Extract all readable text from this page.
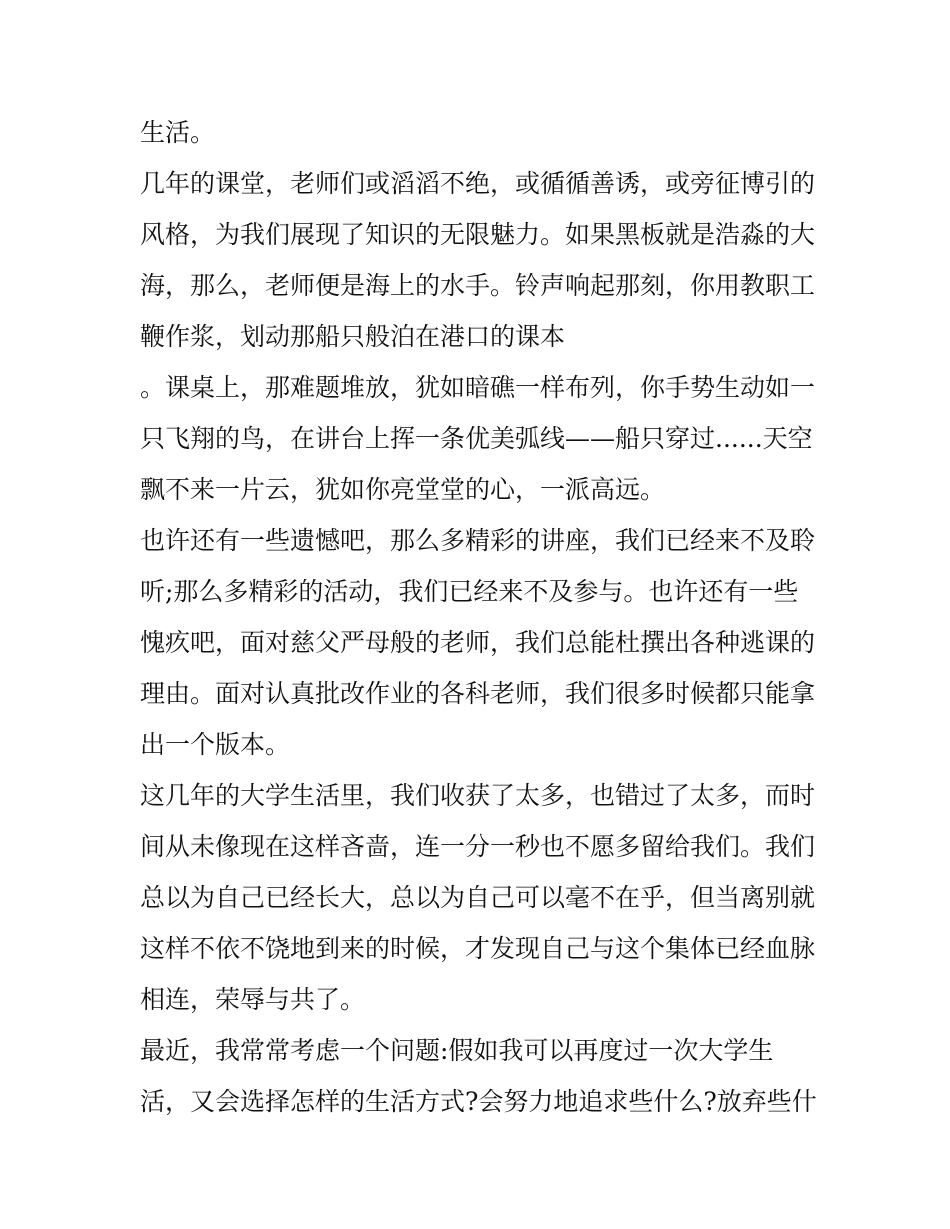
生活。
几年的课堂，老师们或滔滔不绝，或循循善诱，或旁征博引的
风格，为我们展现了知识的无限魅力。如果黑板就是浩淼的大
海，那么，老师便是海上的水手。铃声响起那刻，你用教职工
鞭作浆，划动那船只般泊在港口的课本
。课桌上，那难题堆放，犹如暗礁一样布列，你手势生动如一
只飞翔的鸟，在讲台上挥一条优美弧线——船只穿过......天空
飘不来一片云，犹如你亮堂堂的心，一派高远。
也许还有一些遗憾吧，那么多精彩的讲座，我们已经来不及聆
听;那么多精彩的活动，我们已经来不及参与。也许还有一些
愧疚吧，面对慈父严母般的老师，我们总能杜撰出各种逃课的
理由。面对认真批改作业的各科老师，我们很多时候都只能拿
出一个版本。
这几年的大学生活里，我们收获了太多，也错过了太多，而时
间从未像现在这样吝啬，连一分一秒也不愿多留给我们。我们
总以为自己已经长大，总以为自己可以毫不在乎，但当离别就
这样不依不饶地到来的时候，才发现自己与这个集体已经血脉
相连，荣辱与共了。
最近，我常常考虑一个问题:假如我可以再度过一次大学生
活，又会选择怎样的生活方式?会努力地追求些什么?放弃些什
